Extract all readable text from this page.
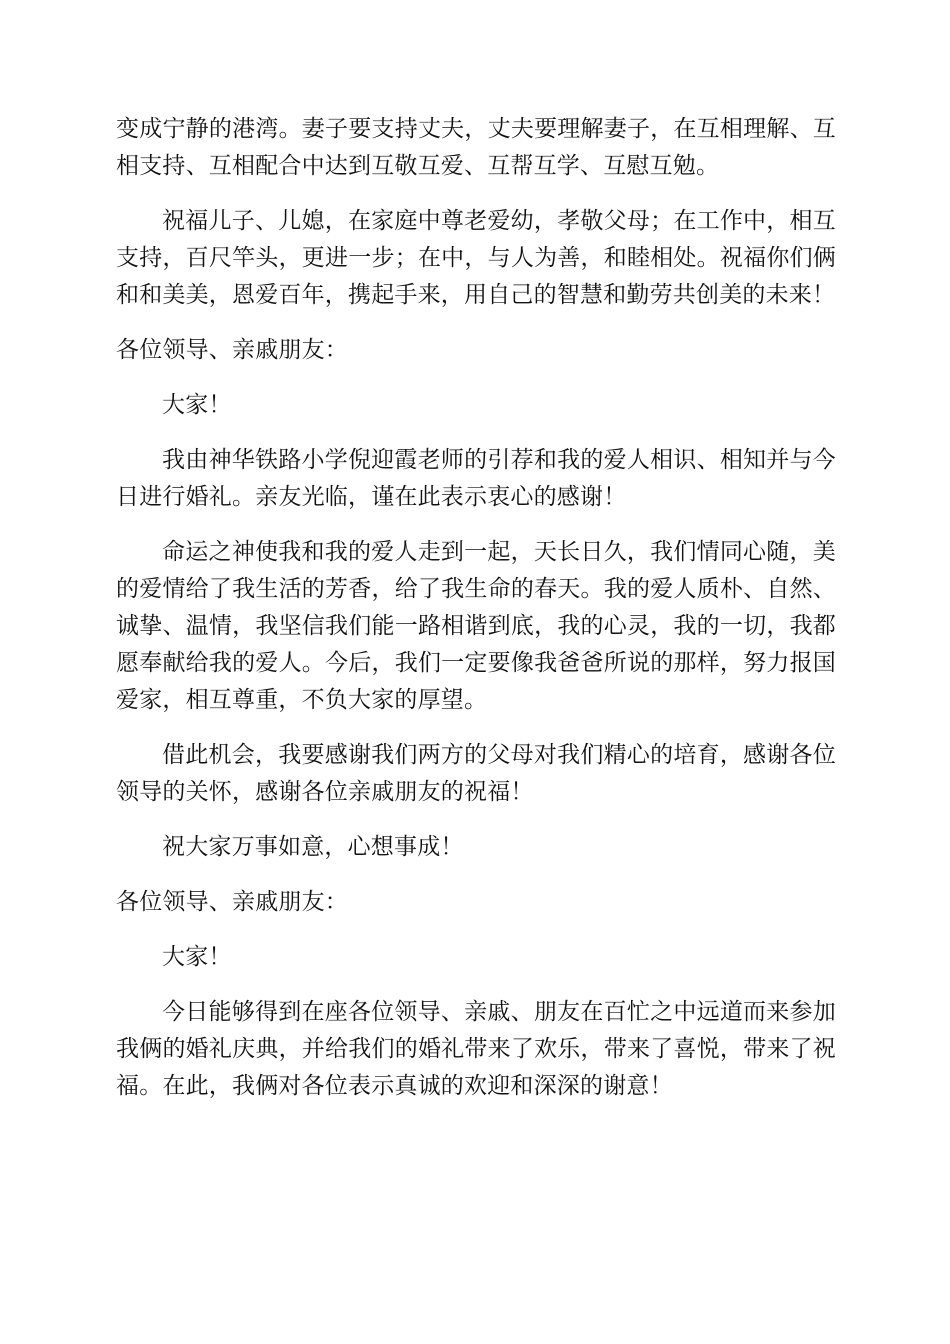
变成宁静的港湾。妻子要支持丈夫，丈夫要理解妻子，在互相理解、互相支持、互相配合中达到互敬互爱、互帮互学、互慰互勉。

祝福儿子、儿媳，在家庭中尊老爱幼，孝敬父母；在工作中，相互支持，百尺竿头，更进一步；在中，与人为善，和睦相处。祝福你们俩和和美美，恩爱百年，携起手来，用自己的智慧和勤劳共创美的未来！

各位领导、亲戚朋友：

大家！

我由神华铁路小学倪迎霞老师的引荐和我的爱人相识、相知并与今日进行婚礼。亲友光临，谨在此表示衷心的感谢！

命运之神使我和我的爱人走到一起，天长日久，我们情同心随，美的爱情给了我生活的芳香，给了我生命的春天。我的爱人质朴、自然、诚挚、温情，我坚信我们能一路相谐到底，我的心灵，我的一切，我都愿奉献给我的爱人。今后，我们一定要像我爸爸所说的那样，努力报国爱家，相互尊重，不负大家的厚望。

借此机会，我要感谢我们两方的父母对我们精心的培育，感谢各位领导的关怀，感谢各位亲戚朋友的祝福！

祝大家万事如意，心想事成！

各位领导、亲戚朋友：

大家！

今日能够得到在座各位领导、亲戚、朋友在百忙之中远道而来参加我俩的婚礼庆典，并给我们的婚礼带来了欢乐，带来了喜悦，带来了祝福。在此，我俩对各位表示真诚的欢迎和深深的谢意！
